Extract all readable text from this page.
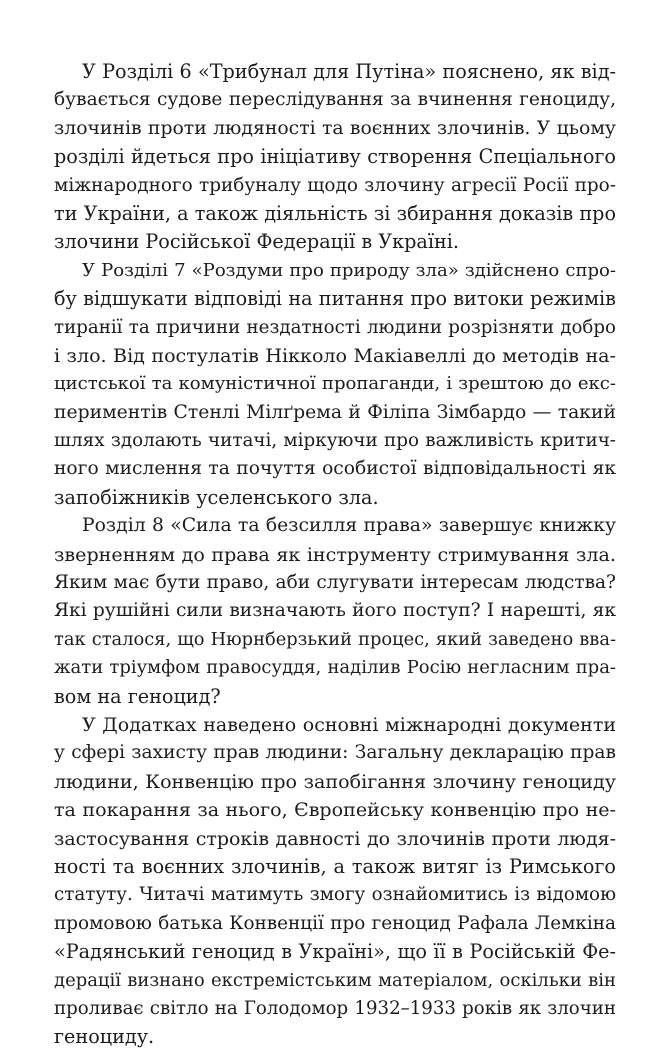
У Розділі 6 «Трибунал для Путіна» пояснено, як від-
бувається судове переслідування за вчинення геноциду,
злочинів проти людяності та воєнних злочинів. У цьому
розділі йдеться про ініціативу створення Спеціального
міжнародного трибуналу щодо злочину агресії Росії про-
ти України, а також діяльність зі збирання доказів про
злочини Російської Федерації в Україні.
У Розділі 7 «Роздуми про природу зла» здійснено спро-
бу відшукати відповіді на питання про витоки режимів
тиранії та причини нездатності людини розрізняти добро
і зло. Від постулатів Нікколо Макіавеллі до методів на-
цистської та комуністичної пропаганди, і зрештою до екс-
периментів Стенлі Мілґрема й Філіпа Зімбардо — такий
шлях здолають читачі, міркуючи про важливість критич-
ного мислення та почуття особистої відповідальності як
запобіжників уселенського зла.
Розділ 8 «Сила та безсилля права» завершує книжку
зверненням до права як інструменту стримування зла.
Яким має бути право, аби слугувати інтересам людства?
Які рушійні сили визначають його поступ? І нарешті, як
так сталося, що Нюрнберзький процес, який заведено вва-
жати тріумфом правосуддя, наділив Росію негласним пра-
вом на геноцид?
У Додатках наведено основні міжнародні документи
у сфері захисту прав людини: Загальну декларацію прав
людини, Конвенцію про запобігання злочину геноциду
та покарання за нього, Європейську конвенцію про не-
застосування строків давності до злочинів проти людя-
ності та воєнних злочинів, а також витяг із Римського
статуту. Читачі матимуть змогу ознайомитись із відомою
промовою батька Конвенції про геноцид Рафала Лемкіна
«Радянський геноцид в Україні», що її в Російській Фе-
дерації визнано екстремістським матеріалом, оскільки він
проливає світло на Голодомор 1932–1933 років як злочин
геноциду.
